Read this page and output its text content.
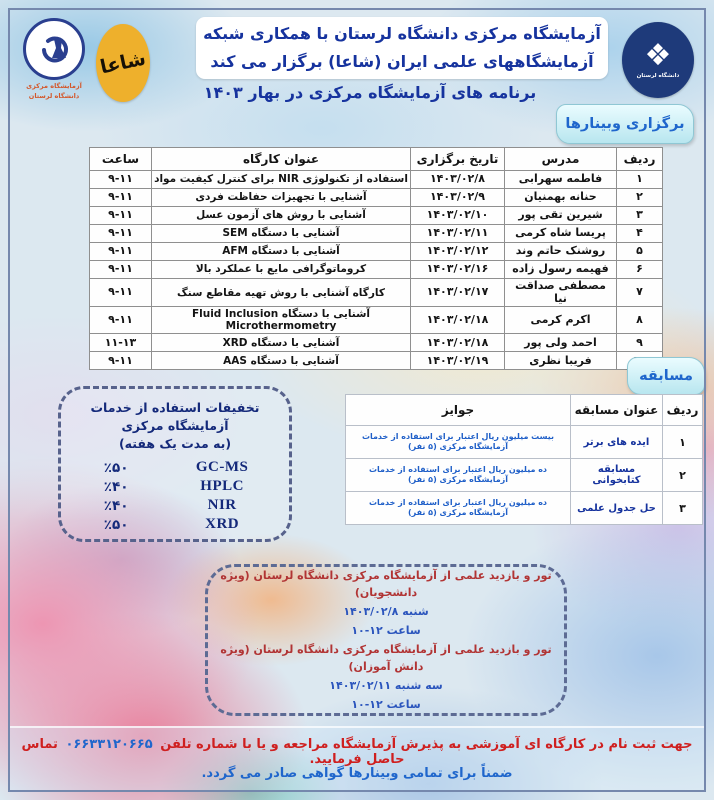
آزمایشگاه مرکزی
دانشگاه لرستان
شاعا
آزمایشگاه مرکزی دانشگاه لرستان با همکاری شبکه
آزمایشگاههای علمی ایران (شاعا) برگزار می کند
برنامه های آزمایشگاه مرکزی در بهار ۱۴۰۳
❖
دانشگاه لرستان
برگزاری وبینارها
ردیف	مدرس	تاریخ برگزاری	عنوان کارگاه	ساعت
۱	فاطمه سهرابی	۱۴۰۳/۰۲/۸	استفاده از تکنولوژی NIR برای کنترل کیفیت مواد	۹-۱۱
۲	حنانه بهمنیان	۱۴۰۳/۰۲/۹	آشنایی با تجهیزات حفاظت فردی	۹-۱۱
۳	شیرین تقی پور	۱۴۰۳/۰۲/۱۰	آشنایی با روش های آزمون عسل	۹-۱۱
۴	پریسا شاه کرمی	۱۴۰۳/۰۲/۱۱	آشنایی با دستگاه SEM	۹-۱۱
۵	روشنک حاتم وند	۱۴۰۳/۰۲/۱۲	آشنایی با دستگاه AFM	۹-۱۱
۶	فهیمه رسول زاده	۱۴۰۳/۰۲/۱۶	کروماتوگرافی مایع با عملکرد بالا	۹-۱۱
۷	مصطفی صداقت نیا	۱۴۰۳/۰۲/۱۷	کارگاه آشنایی با روش تهیه مقاطع سنگ	۹-۱۱
۸	اکرم کرمی	۱۴۰۳/۰۲/۱۸	آشنایی با دستگاه Fluid Inclusion Microthermometry	۹-۱۱
۹	احمد ولی پور	۱۴۰۳/۰۲/۱۸	آشنایی با دستگاه XRD	۱۱-۱۳
	فریبا نظری	۱۴۰۳/۰۲/۱۹	آشنایی با دستگاه AAS	۹-۱۱
مسابقه
ردیف	عنوان مسابقه	جوایز
۱	ایده های برتر	بیست میلیون ریال اعتبار برای استفاده از خدمات آزمایشگاه مرکزی (۵ نفر)
۲	مسابقه کتابخوانی	ده میلیون ریال اعتبار برای استفاده از خدمات آزمایشگاه مرکزی (۵ نفر)
۳	حل جدول علمی	ده میلیون ریال اعتبار برای استفاده از خدمات آزمایشگاه مرکزی (۵ نفر)
تخفیفات استفاده از خدمات آزمایشگاه مرکزی
(به مدت یک هفته)
GC-MS
٪۵۰
HPLC
٪۴۰
NIR
٪۴۰
XRD
٪۵۰
تور و بازدید علمی از آزمایشگاه مرکزی دانشگاه لرستان (ویژه دانشجویان)
شنبه ۱۴۰۳/۰۲/۸
ساعت ۱۰-۱۲
تور و بازدید علمی از آزمایشگاه مرکزی دانشگاه لرستان (ویژه دانش آموزان)
سه شنبه ۱۴۰۳/۰۲/۱۱
ساعت ۱۰-۱۲
جهت ثبت نام در کارگاه ای آموزشی به پذیرش آزمایشگاه مراجعه و یا با شماره تلفن ۰۶۶۳۳۱۲۰۶۶۵ تماس حاصل فرمایید.
ضمناً برای تمامی وبینارها گواهی صادر می گردد.
